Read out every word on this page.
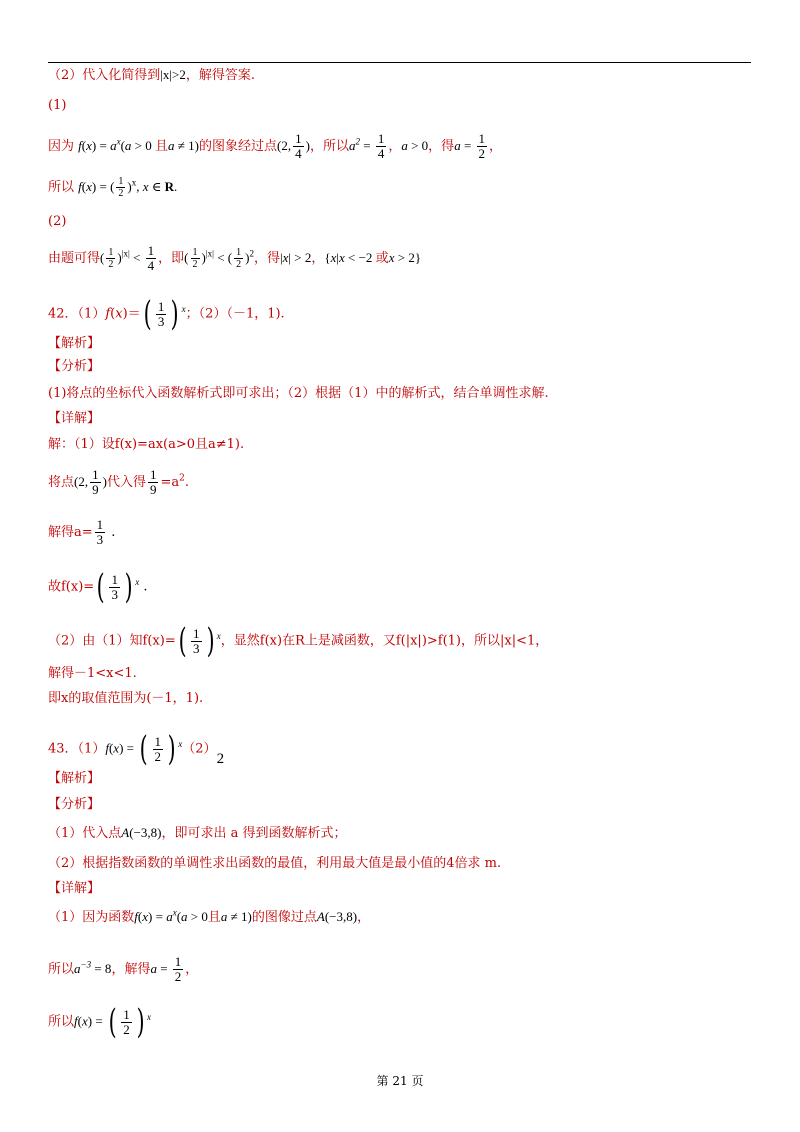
（2）代入化简得到|x|>2，解得答案.
(1)
因为 $f(x) = a^x(a > 0$ 且a ≠ 1)的图象经过点(2, $\frac{1}{4}$ )，所以$a^2 = \frac{1}{4}$ ，a > 0，得$a = \frac{1}{2}$ ，
所以 f(x) = ( $\frac{1}{2} )^x$, x ∈ R.
(2)
由题可得( $\frac{1}{2} )^{|x|} < \frac{1}{4}$ ，即( $\frac{1}{2} )^{|x|}$ < ( $\frac{1}{2} )^2$，得|x| > 2，{x|x < −2 或x > 2}
42．$(1)f(x)=( \frac{1}{3}$ ) $^x$；（2）（－1，1).
【解析】
【分析】
(1)将点的坐标代入函数解析式即可求出；（2）根据（1）中的解析式，结合单调性求解.
【详解】
解：（1）设f(x)=ax(a>0且a≠1).
将点(2, $\frac{1}{9}$ )代入得 $\frac{1}{9} =a^2$.
解得$a= \frac{1}{3}$ .
故$f(x)=( \frac{1}{3}$ ) $^x$ .
（2）由（1）知$f(x)=( \frac{1}{3}$ ) $^x$，显然f(x)在R上是减函数，又f(|x|)>f(1)，所以|x|<1，
解得－1<x<1.
即x的取值范围为(－1，1).
43．（1）f(x) = ( $\frac{1}{2}$ ) $^x$（2）2
【解析】
【分析】
（1）代入点A(−3,8)，即可求出 a 得到函数解析式；
（2）根据指数函数的单调性求出函数的最值，利用最大值是最小值的4倍求 m.
【详解】
（1）因为函数$f(x) = a^x(a > 0$且a ≠ 1)的图像过点A(−3,8)，
所以$a^{-3} = 8$，解得$a = \frac{1}{2}$ ，
所以f(x) = ( $\frac{1}{2}$ ) $^x$
第 21 页
